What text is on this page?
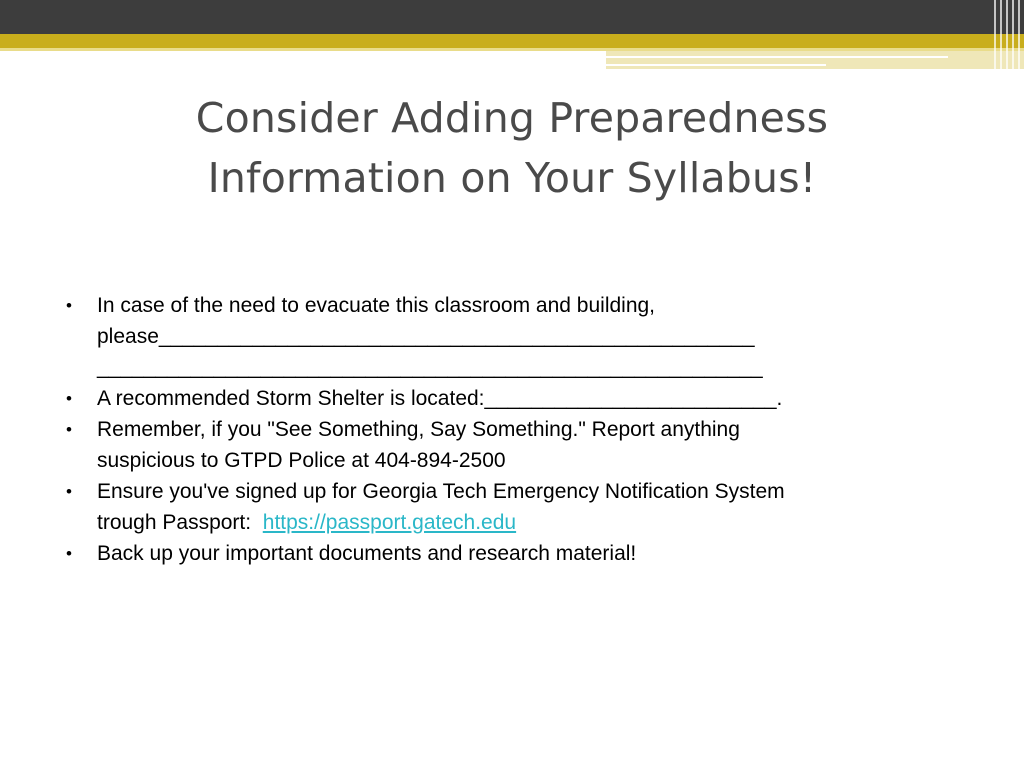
Consider Adding Preparedness
Information on Your Syllabus!
• In case of the need to evacuate this classroom and building,
please___________________________________________________
_________________________________________________________
• A recommended Storm Shelter is located:_________________________.
• Remember, if you "See Something, Say Something." Report anything
suspicious to GTPD Police at 404-894-2500
• Ensure you've signed up for Georgia Tech Emergency Notification System
trough Passport:  https://passport.gatech.edu
• Back up your important documents and research material!
